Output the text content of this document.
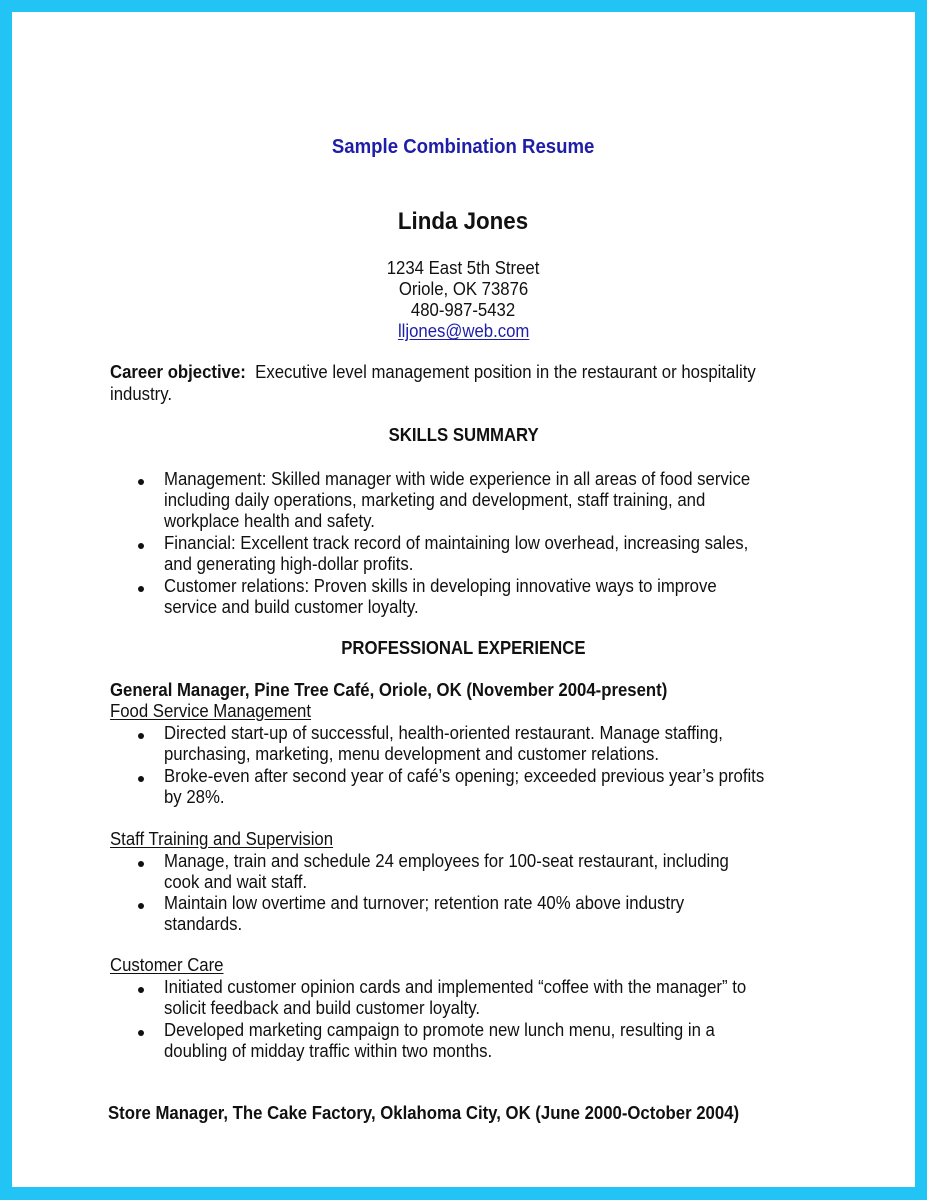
Sample Combination Resume
Linda Jones
1234 East 5th Street
Oriole, OK 73876
480-987-5432
lljones@web.com
Career objective: Executive level management position in the restaurant or hospitality
industry.
SKILLS SUMMARY
Management: Skilled manager with wide experience in all areas of food service
including daily operations, marketing and development, staff training, and
workplace health and safety.
Financial: Excellent track record of maintaining low overhead, increasing sales,
and generating high-dollar profits.
Customer relations: Proven skills in developing innovative ways to improve
service and build customer loyalty.
PROFESSIONAL EXPERIENCE
General Manager, Pine Tree Café, Oriole, OK (November 2004-present)
Food Service Management
Directed start-up of successful, health-oriented restaurant. Manage staffing,
purchasing, marketing, menu development and customer relations.
Broke-even after second year of café’s opening; exceeded previous year’s profits
by 28%.
Staff Training and Supervision
Manage, train and schedule 24 employees for 100-seat restaurant, including
cook and wait staff.
Maintain low overtime and turnover; retention rate 40% above industry
standards.
Customer Care
Initiated customer opinion cards and implemented “coffee with the manager” to
solicit feedback and build customer loyalty.
Developed marketing campaign to promote new lunch menu, resulting in a
doubling of midday traffic within two months.
Store Manager, The Cake Factory, Oklahoma City, OK (June 2000-October 2004)
